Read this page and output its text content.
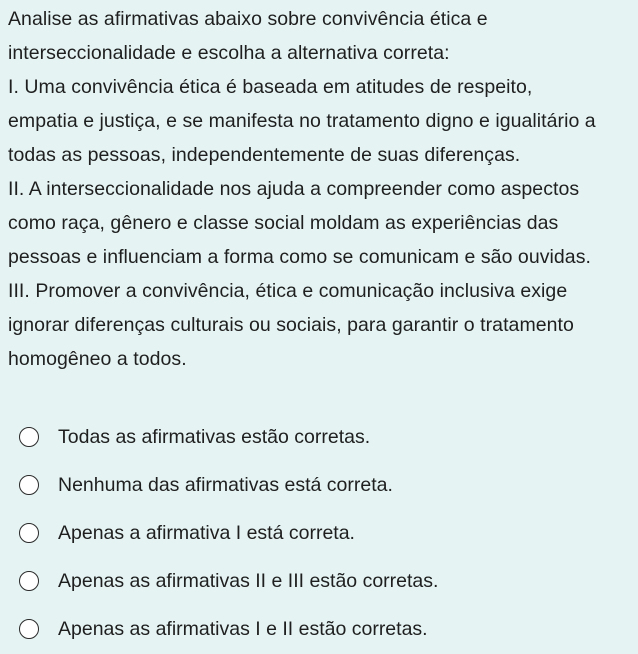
Analise as afirmativas abaixo sobre convivência ética e

interseccionalidade e escolha a alternativa correta:

I. Uma convivência ética é baseada em atitudes de respeito,

empatia e justiça, e se manifesta no tratamento digno e igualitário a

todas as pessoas, independentemente de suas diferenças.

II. A interseccionalidade nos ajuda a compreender como aspectos

como raça, gênero e classe social moldam as experiências das

pessoas e influenciam a forma como se comunicam e são ouvidas.

III. Promover a convivência, ética e comunicação inclusiva exige

ignorar diferenças culturais ou sociais, para garantir o tratamento

homogêneo a todos.

Todas as afirmativas estão corretas.
Nenhuma das afirmativas está correta.
Apenas a afirmativa I está correta.
Apenas as afirmativas II e III estão corretas.
Apenas as afirmativas I e II estão corretas.
